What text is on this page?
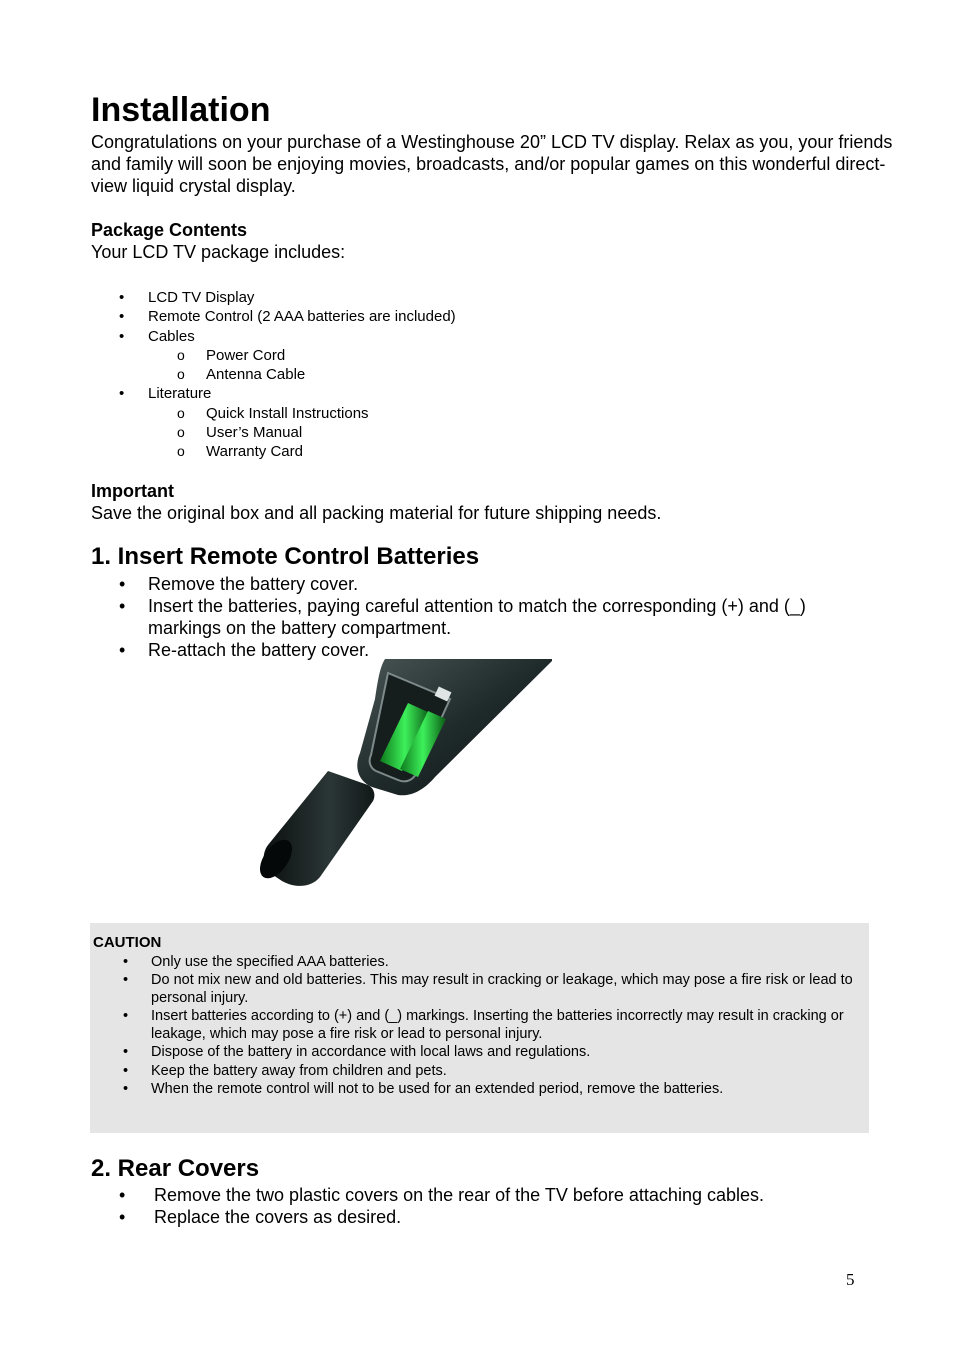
Installation

Congratulations on your purchase of a Westinghouse 20” LCD TV display. Relax as you, your friends and family will soon be enjoying movies, broadcasts, and/or popular games on this wonderful direct-view liquid crystal display.

Package Contents

Your LCD TV package includes:

• LCD TV Display
• Remote Control (2 AAA batteries are included)
• Cables
o Power Cord
o Antenna Cable
• Literature
o Quick Install Instructions
o User’s Manual
o Warranty Card

Important

Save the original box and all packing material for future shipping needs.

1. Insert Remote Control Batteries
• Remove the battery cover.
• Insert the batteries, paying careful attention to match the corresponding (+) and (_) markings on the battery compartment.
• Re-attach the battery cover.
CAUTION
• Only use the specified AAA batteries.
• Do not mix new and old batteries. This may result in cracking or leakage, which may pose a fire risk or lead to personal injury.
• Insert batteries according to (+) and (_) markings. Inserting the batteries incorrectly may result in cracking or leakage, which may pose a fire risk or lead to personal injury.
• Dispose of the battery in accordance with local laws and regulations.
• Keep the battery away from children and pets.
• When the remote control will not to be used for an extended period, remove the batteries.
2. Rear Covers
• Remove the two plastic covers on the rear of the TV before attaching cables.
• Replace the covers as desired.
5
